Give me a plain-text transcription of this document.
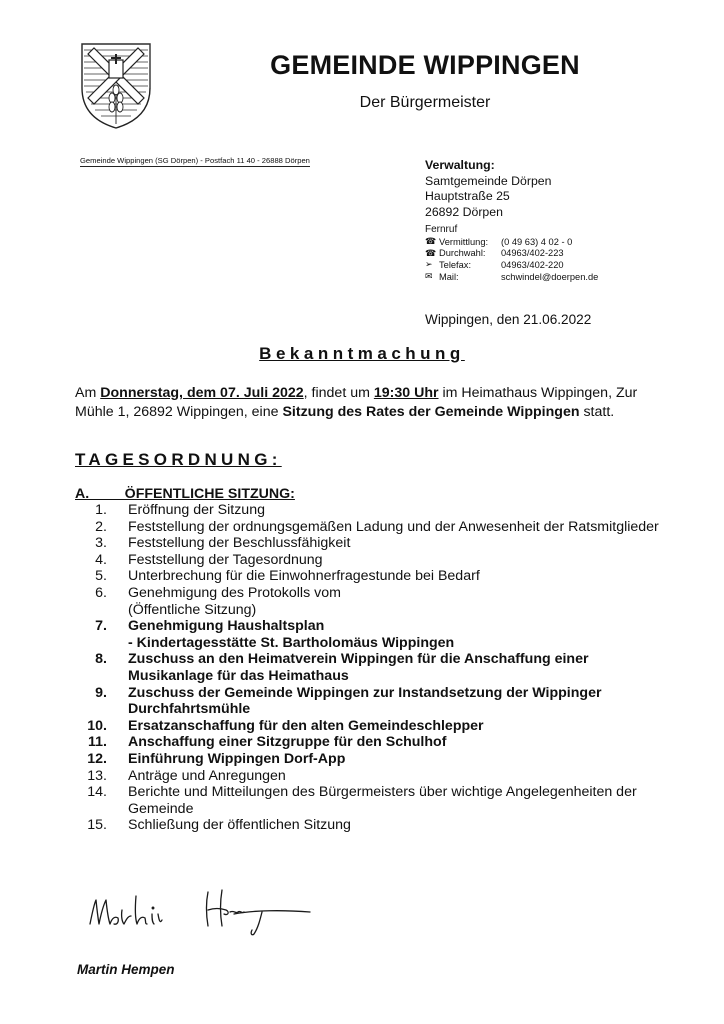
GEMEINDE WIPPINGEN
Der Bürgermeister
Gemeinde Wippingen (SG Dörpen) - Postfach 11 40 - 26888 Dörpen	Verwaltung:
Samtgemeinde Dörpen
Hauptstraße 25
26892 Dörpen
Fernruf
☎ Vermittlung:	(0 49 63) 4 02 - 0
☎ Durchwahl:	04963/402-223
➢ Telefax:	04963/402-220
✉ Mail:	schwindel@doerpen.de
Wippingen, den 21.06.2022
Bekanntmachung
Am Donnerstag, dem 07. Juli 2022, findet um 19:30 Uhr im Heimathaus Wippingen, Zur Mühle 1, 26892 Wippingen, eine Sitzung des Rates der Gemeinde Wippingen statt.
TAGESORDNUNG:
A.         ÖFFENTLICHE SITZUNG:
1.	Eröffnung der Sitzung
2.	Feststellung der ordnungsgemäßen Ladung und der Anwesenheit der Ratsmitglieder
3.	Feststellung der Beschlussfähigkeit
4.	Feststellung der Tagesordnung
5.	Unterbrechung für die Einwohnerfragestunde bei Bedarf
6.	Genehmigung des Protokolls vom
(Öffentliche Sitzung)
7.	Genehmigung Haushaltsplan
- Kindertagesstätte St. Bartholomäus Wippingen
8.	Zuschuss an den Heimatverein Wippingen für die Anschaffung einer Musikanlage für das Heimathaus
9.	Zuschuss der Gemeinde Wippingen zur Instandsetzung der Wippinger Durchfahrtsmühle
10.	Ersatzanschaffung für den alten Gemeindeschlepper
11.	Anschaffung einer Sitzgruppe für den Schulhof
12.	Einführung Wippingen Dorf-App
13.	Anträge und Anregungen
14.	Berichte und Mitteilungen des Bürgermeisters über wichtige Angelegenheiten der Gemeinde
15.	Schließung der öffentlichen Sitzung
Martin Hempen
